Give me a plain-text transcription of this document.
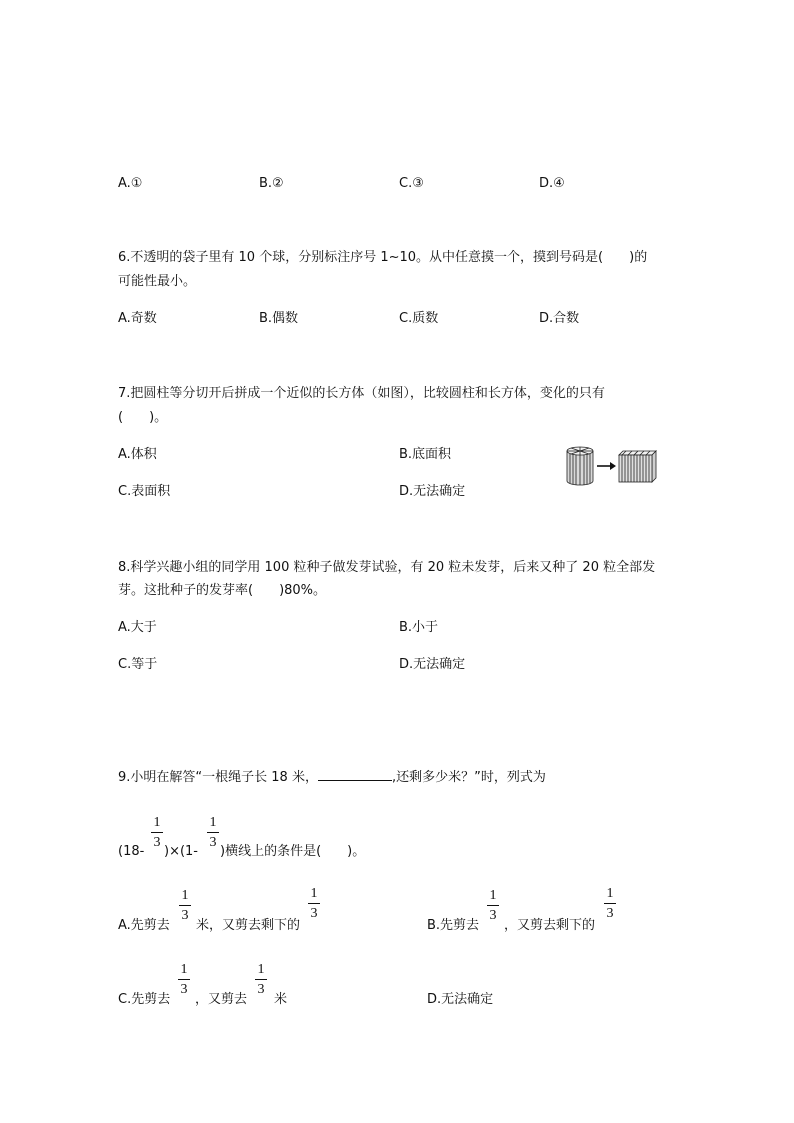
A.①	B.②	C.③	D.④
6.不透明的袋子里有 10 个球，分别标注序号 1~10。从中任意摸一个，摸到号码是(　　)的
可能性最小。
A.奇数	B.偶数	C.质数	D.合数
7.把圆柱等分切开后拼成一个近似的长方体（如图），比较圆柱和长方体，变化的只有
(　　)。
A.体积	B.底面积
C.表面积	D.无法确定
8.科学兴趣小组的同学用 100 粒种子做发芽试验，有 20 粒未发芽，后来又种了 20 粒全部发
芽。这批种子的发芽率(　　)80%。
A.大于	B.小于
C.等于	D.无法确定
9.小明在解答“一根绳子长 18 米，	,还剩多少米？”时，列式为
(18-
1
3
)×(1-
1
3
)横线上的条件是(　　)。
A.先剪去
1
3
米，又剪去剩下的
1
3
B.先剪去
1
3
，又剪去剩下的
1
3
C.先剪去
1
3
，又剪去
1
3
米	D.无法确定
